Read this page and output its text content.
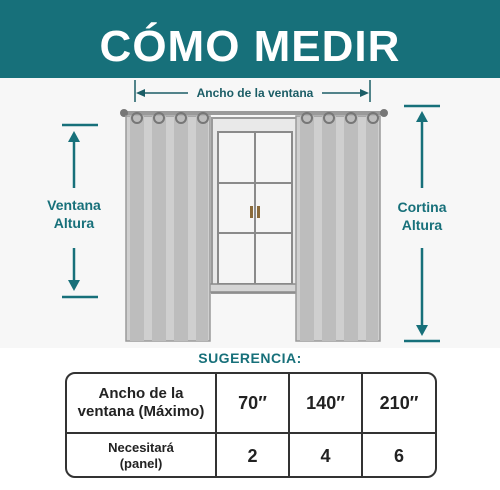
CÓMO MEDIR
Ancho de la ventana
Ventana
Altura
Cortina
Altura
SUGERENCIA:
Ancho de la
ventana (Máximo)	70″	140″	210″
Necesitará
(panel)	2	4	6
